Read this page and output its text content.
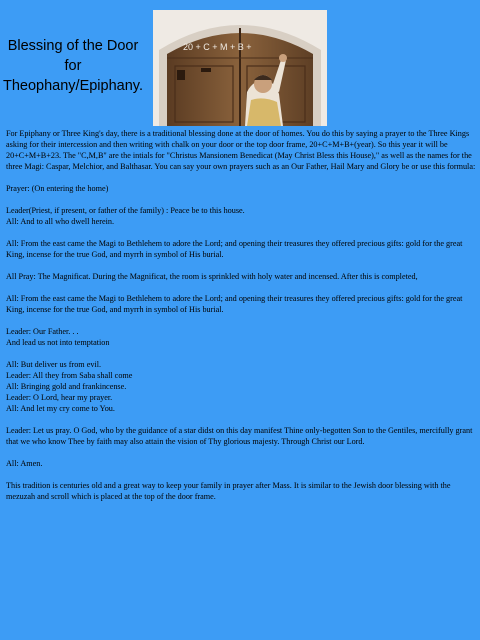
Blessing of the Door
for
Theophany/Epiphany.
20 + C + M + B +

For Epiphany or Three King's day, there is a traditional blessing done at the door of homes. You do this by saying a prayer to the Three Kings asking for their intercession and then writing with chalk on your door or the top door frame, 20+C+M+B+(year). So this year it will be 20+C+M+B+23. The "C,M,B" are the intials for "Christus Mansionem Benedicat (May Christ Bless this House)," as well as the names for the three Magi: Caspar, Melchior, and Balthasar. You can say your own prayers such as an Our Father, Hail Mary and Glory be or use this formula:

Prayer: (On entering the home)

Leader(Priest, if present, or father of the family) : Peace be to this house.
All: And to all who dwell herein.

All: From the east came the Magi to Bethlehem to adore the Lord; and opening their treasures they offered precious gifts: gold for the great King, incense for the true God, and myrrh in symbol of His burial.

All Pray: The Magnificat. During the Magnificat, the room is sprinkled with holy water and incensed. After this is completed,

All: From the east came the Magi to Bethlehem to adore the Lord; and opening their treasures they offered precious gifts: gold for the great King, incense for the true God, and myrrh in symbol of His burial.

Leader: Our Father. . .
And lead us not into temptation

All: But deliver us from evil.
Leader: All they from Saba shall come
All: Bringing gold and frankincense.
Leader: O Lord, hear my prayer.
All: And let my cry come to You.

Leader: Let us pray. O God, who by the guidance of a star didst on this day manifest Thine only-begotten Son to the Gentiles, mercifully grant that we who know Thee by faith may also attain the vision of Thy glorious majesty. Through Christ our Lord.

All: Amen.

This tradition is centuries old and a great way to keep your family in prayer after Mass. It is similar to the Jewish door blessing with the mezuzah and scroll which is placed at the top of the door frame.
